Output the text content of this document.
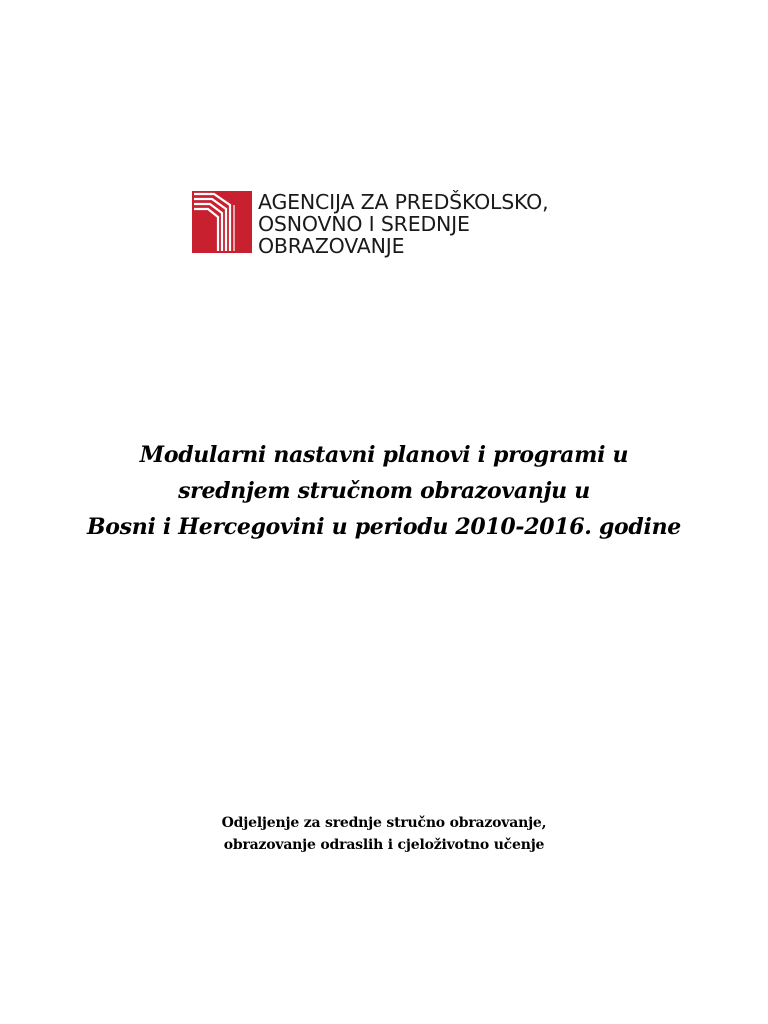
AGENCIJA ZA PREDŠKOLSKO,
OSNOVNO I SREDNJE
OBRAZOVANJE
Modularni nastavni planovi i programi u
srednjem stručnom obrazovanju u
Bosni i Hercegovini u periodu 2010-2016. godine
Odjeljenje za srednje stručno obrazovanje,
obrazovanje odraslih i cjeloživotno učenje
